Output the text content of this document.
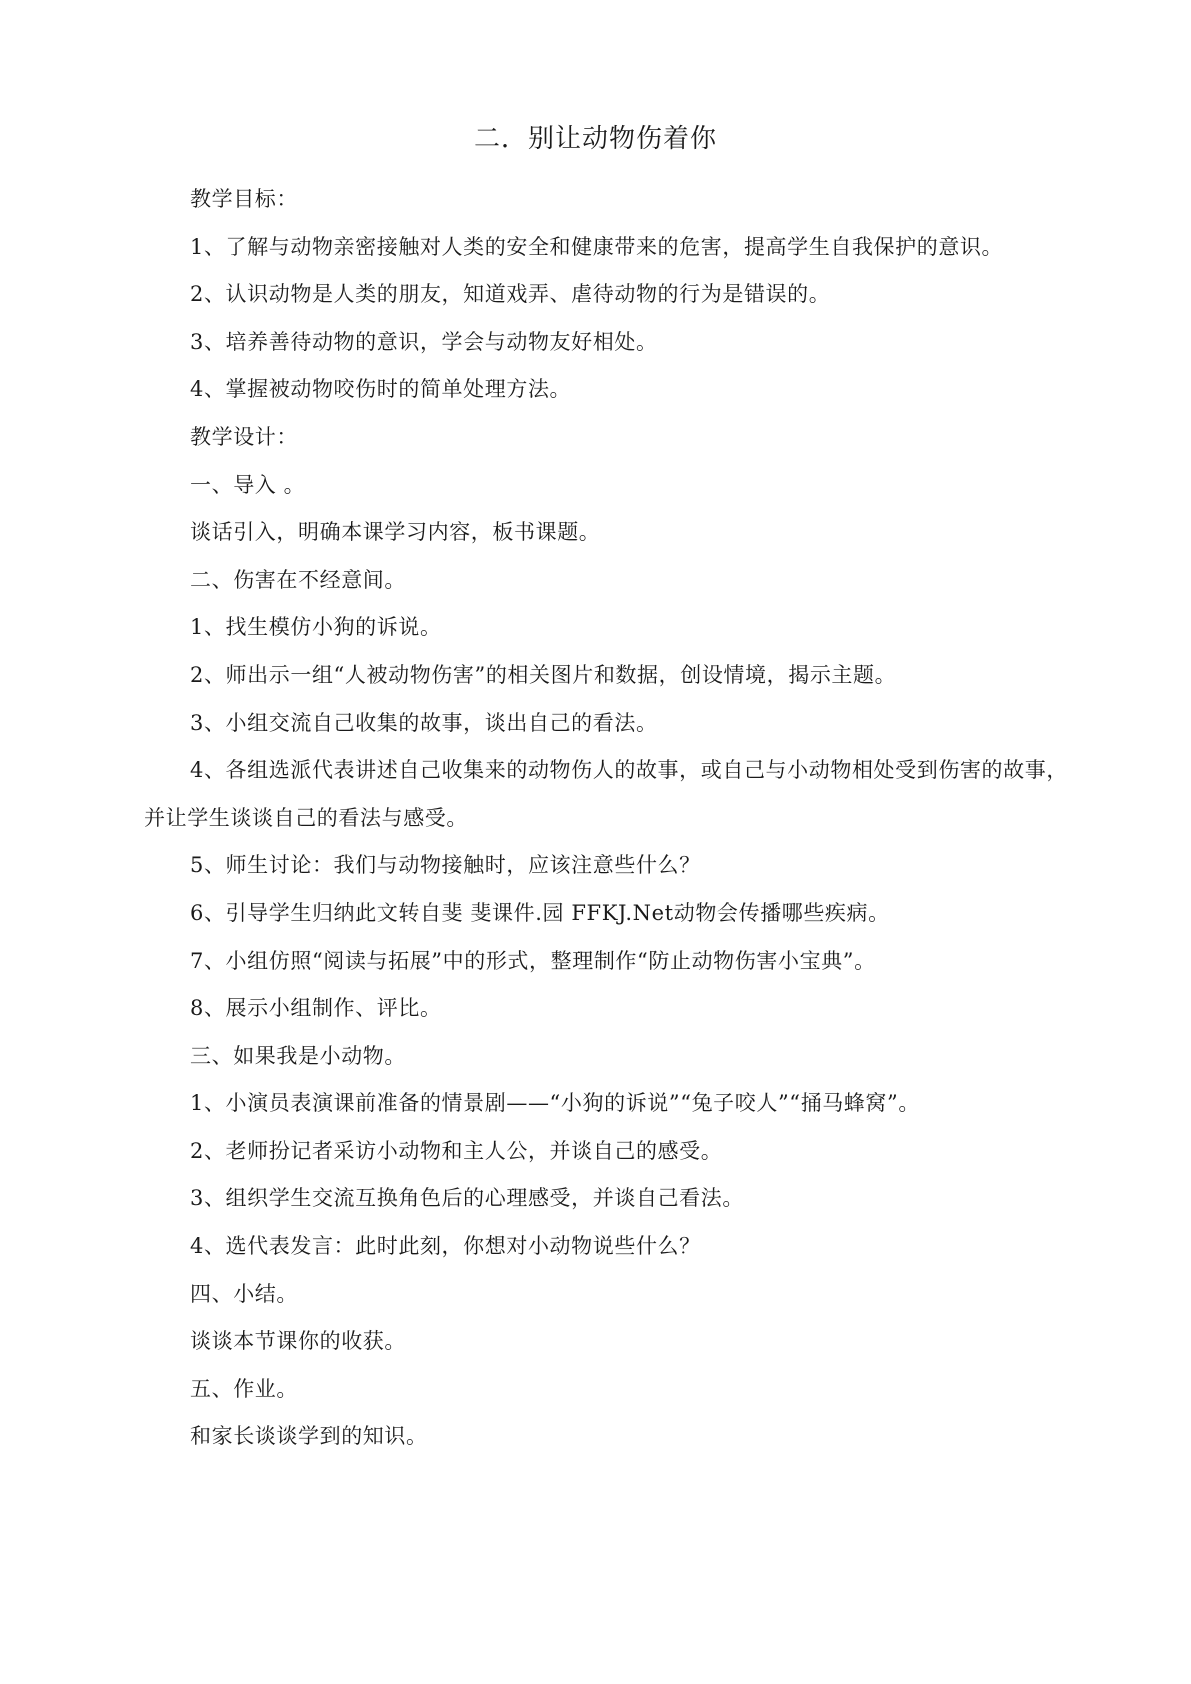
二．别让动物伤着你
教学目标：
1、了解与动物亲密接触对人类的安全和健康带来的危害，提高学生自我保护的意识。
2、认识动物是人类的朋友，知道戏弄、虐待动物的行为是错误的。
3、培养善待动物的意识，学会与动物友好相处。
4、掌握被动物咬伤时的简单处理方法。
教学设计：
一、导入 。
谈话引入，明确本课学习内容，板书课题。
二、伤害在不经意间。
1、找生模仿小狗的诉说。
2、师出示一组“人被动物伤害”的相关图片和数据，创设情境，揭示主题。
3、小组交流自己收集的故事，谈出自己的看法。

4、各组选派代表讲述自己收集来的动物伤人的故事，或自己与小动物相处受到伤害的故事，并让学生谈谈自己的看法与感受。

5、师生讨论：我们与动物接触时，应该注意些什么？
6、引导学生归纳此文转自斐 斐课件.园 FFKJ.Net动物会传播哪些疾病。
7、小组仿照“阅读与拓展”中的形式，整理制作“防止动物伤害小宝典”。
8、展示小组制作、评比。
三、如果我是小动物。
1、小演员表演课前准备的情景剧——“小狗的诉说”“兔子咬人”“捅马蜂窝”。
2、老师扮记者采访小动物和主人公，并谈自己的感受。
3、组织学生交流互换角色后的心理感受，并谈自己看法。
4、选代表发言：此时此刻，你想对小动物说些什么？
四、小结。
谈谈本节课你的收获。
五、作业。
和家长谈谈学到的知识。
